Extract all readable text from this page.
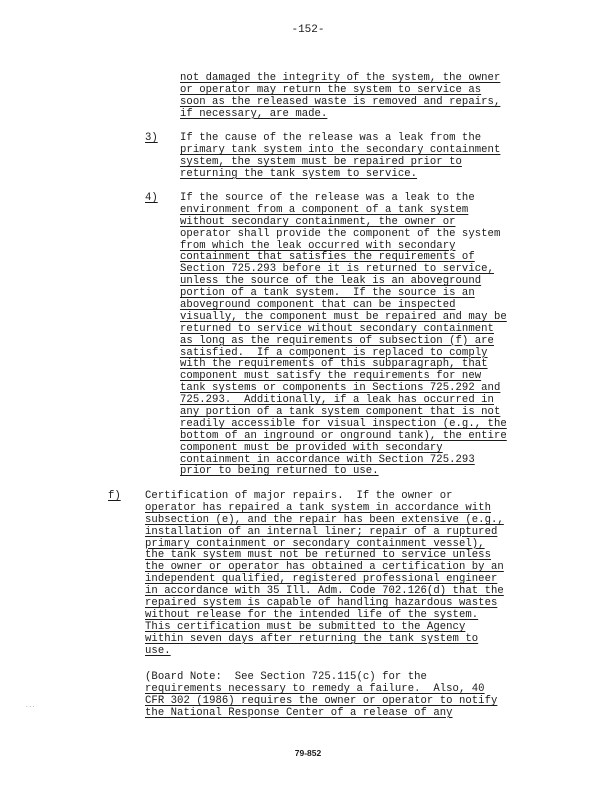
-152-
not damaged the integrity of the system, the owner
or operator may return the system to service as
soon as the released waste is removed and repairs,
if necessary, are made.
3) If the cause of the release was a leak from the
primary tank system into the secondary containment
system, the system must be repaired prior to
returning the tank system to service.
4) If the source of the release was a leak to the
environment from a component of a tank system
without secondary containment, the owner or
operator shall provide the component of the system
from which the leak occurred with secondary
containment that satisfies the requirements of
Section 725.293 before it is returned to service,
unless the source of the leak is an aboveground
portion of a tank system.  If the source is an
aboveground component that can be inspected
visually, the component must be repaired and may be
returned to service without secondary containment
as long as the requirements of subsection (f) are
satisfied.  If a component is replaced to comply
with the requirements of this subparagraph, that
component must satisfy the requirements for new
tank systems or components in Sections 725.292 and
725.293.  Additionally, if a leak has occurred in
any portion of a tank system component that is not
readily accessible for visual inspection (e.g., the
bottom of an inground or onground tank), the entire
component must be provided with secondary
containment in accordance with Section 725.293
prior to being returned to use.
f) Certification of major repairs.  If the owner or
operator has repaired a tank system in accordance with
subsection (e), and the repair has been extensive (e.g.,
installation of an internal liner; repair of a ruptured
primary containment or secondary containment vessel),
the tank system must not be returned to service unless
the owner or operator has obtained a certification by an
independent qualified, registered professional engineer
in accordance with 35 Ill. Adm. Code 702.126(d) that the
repaired system is capable of handling hazardous wastes
without release for the intended life of the system.
This certification must be submitted to the Agency
within seven days after returning the tank system to
use.
(Board Note:  See Section 725.115(c) for the
requirements necessary to remedy a failure.  Also, 40
CFR 302 (1986) requires the owner or operator to notify
the National Response Center of a release of any
. . .
79-852
